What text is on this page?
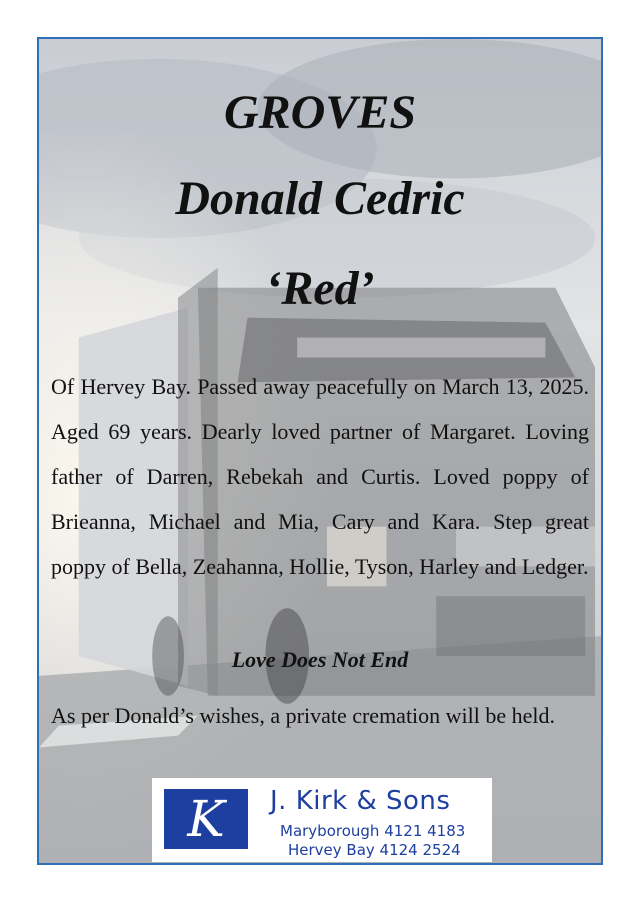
GROVES
Donald Cedric
‘Red’

Of Hervey Bay. Passed away peacefully on March 13, 2025. Aged 69 years. Dearly loved partner of Margaret. Loving father of Darren, Rebekah and Curtis. Loved poppy of Brieanna, Michael and Mia, Cary and Kara. Step great poppy of Bella, Zeahanna, Hollie, Tyson, Harley and Ledger.

Love Does Not End

As per Donald’s wishes, a private cremation will be held.

K	J. Kirk & Sons
Maryborough 4121 4183
Hervey Bay 4124 2524
